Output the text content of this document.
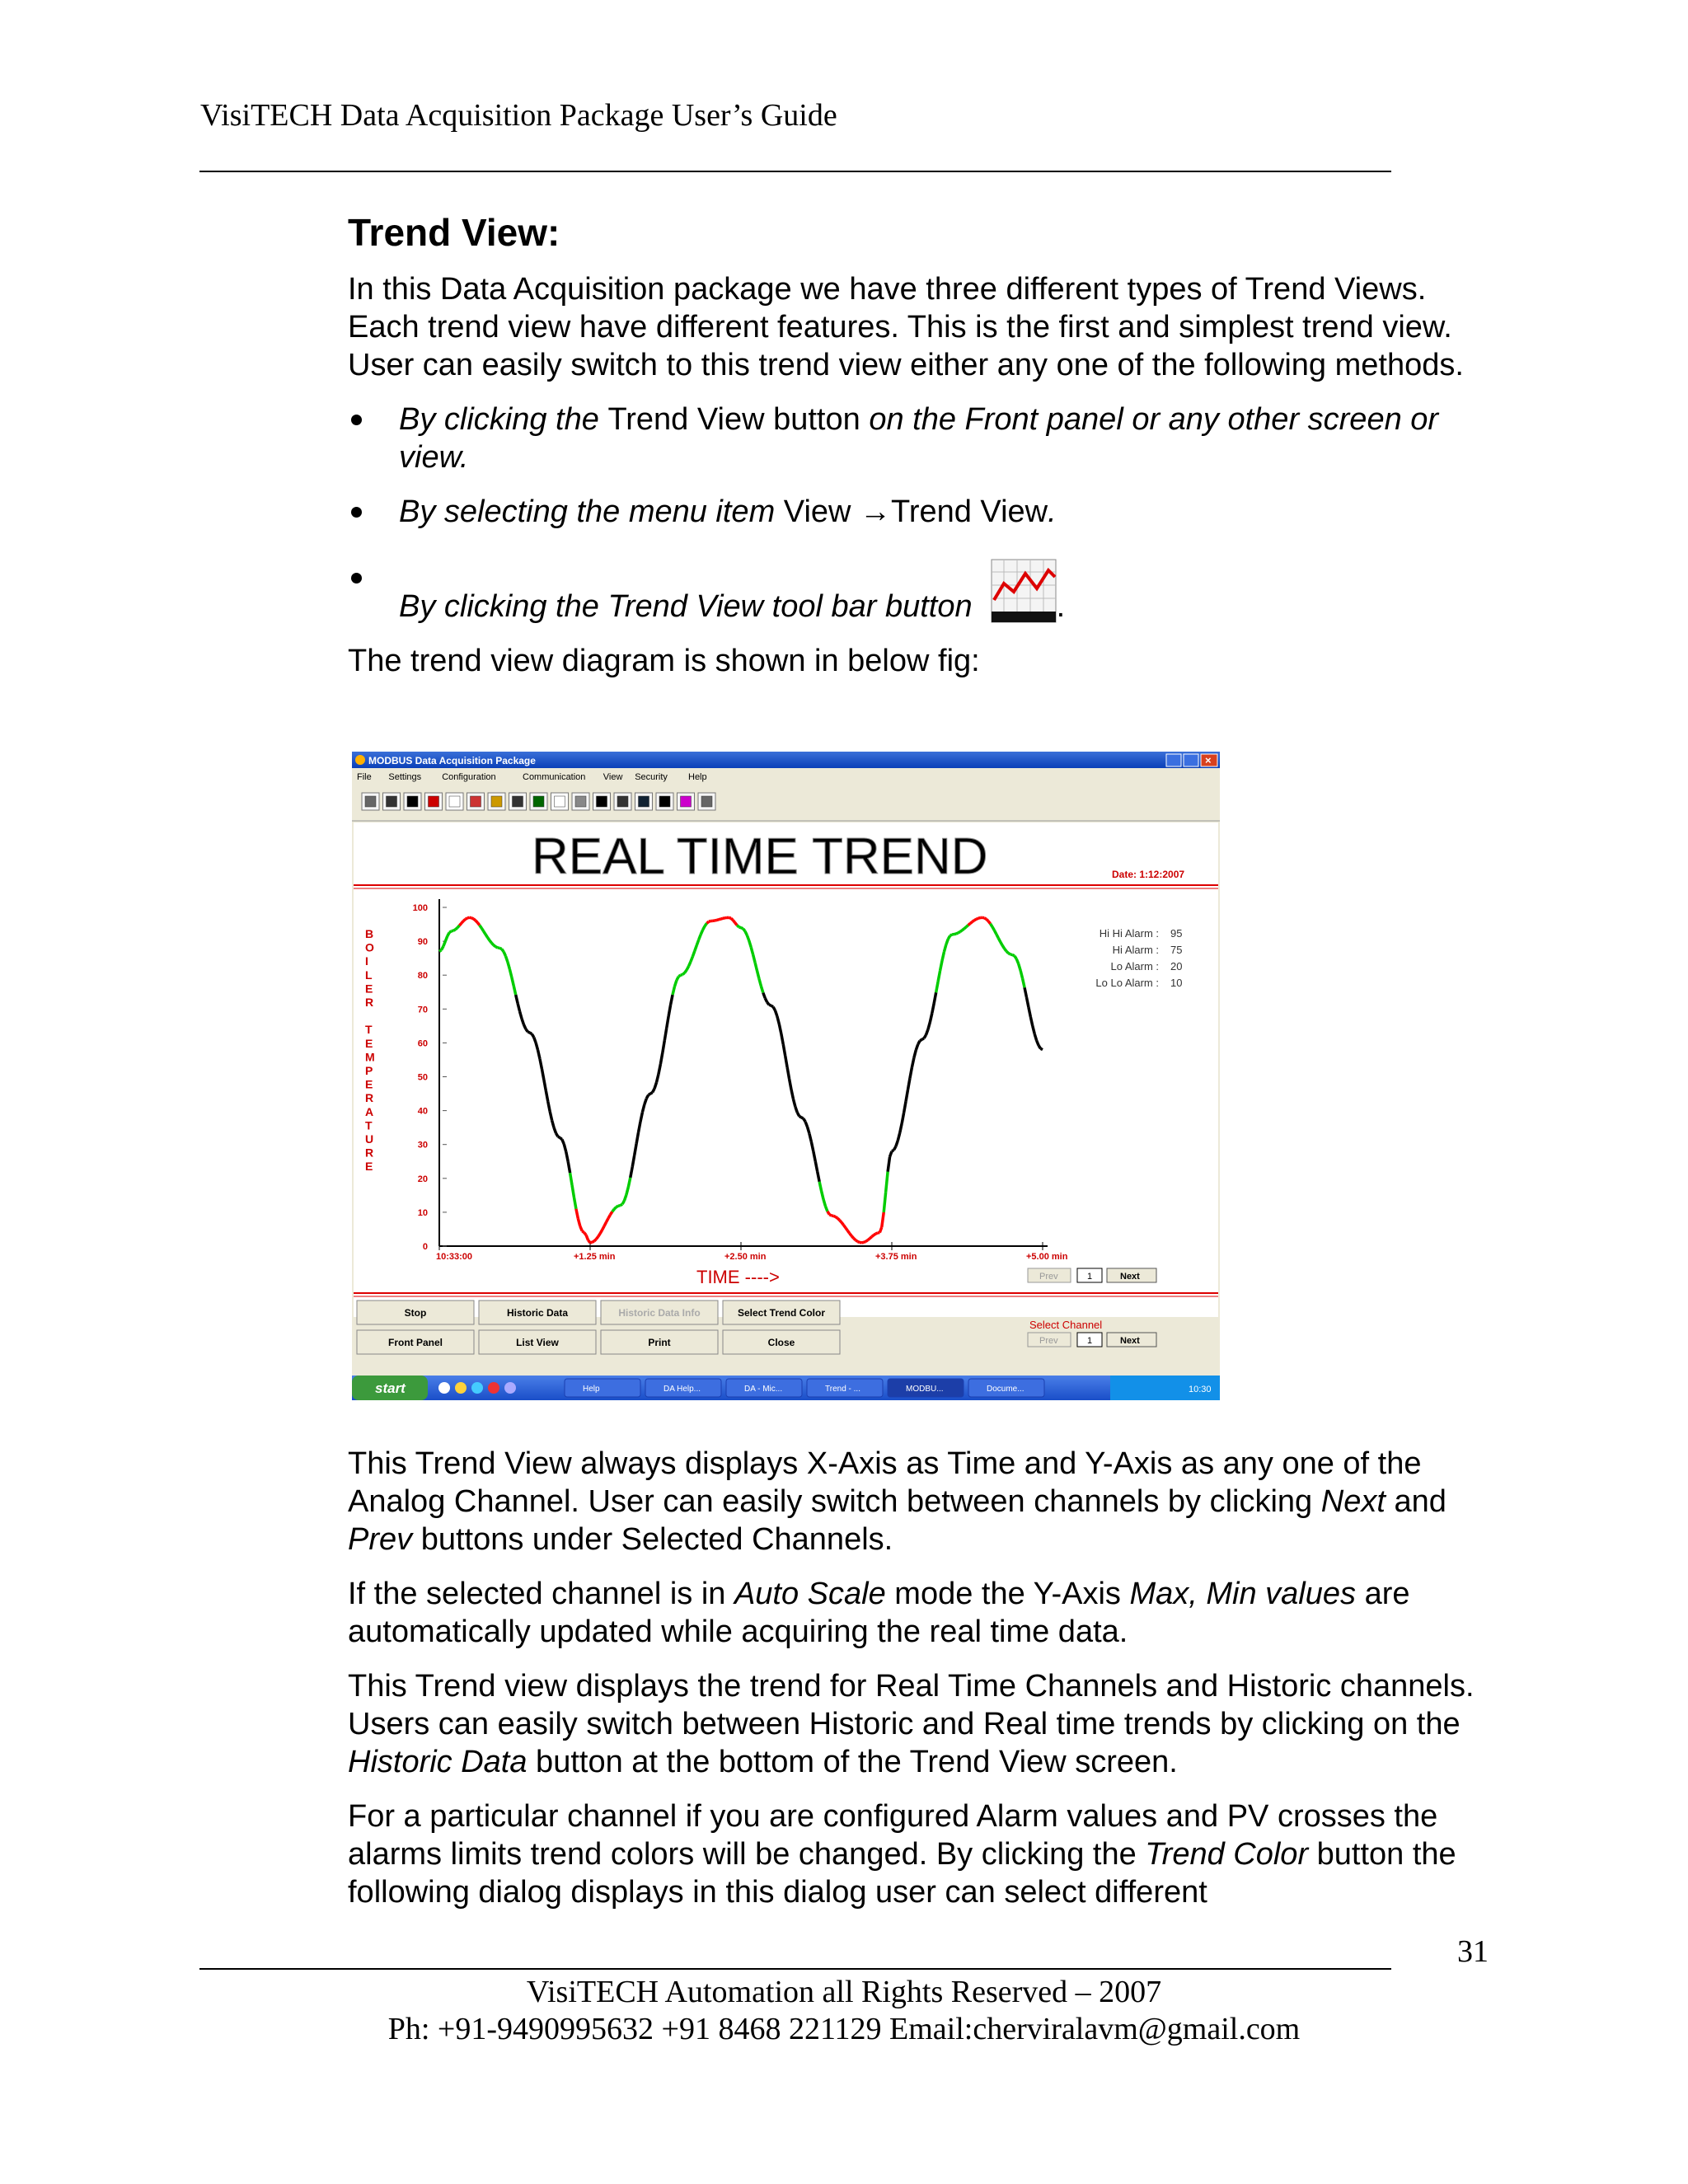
VisiTECH Data Acquisition Package User’s Guide
Trend View:
In this Data Acquisition package we have three different types of Trend Views. Each trend view have different features. This is the first and simplest trend view. User can easily switch to this trend view either any one of the following methods.
By clicking the Trend View button on the Front panel or any other screen or view.
By selecting the menu item View →Trend View.
By clicking the Trend View tool bar button	.
The trend view diagram is shown in below fig:
MODBUS Data Acquisition Package	×
File Settings Configuration	Communication View Security Help
REAL TIME TREND	Date: 1:12:2007
B
O
I
L
E
R
T
E
M
P
E
R
A
T
U
R
E
Hi Hi Alarm : 95
Hi Alarm : 75
Lo Alarm : 20
Lo Lo Alarm : 10
0
10
20
30
40
50
60
70
80
90
100
10:33:00	+1.25 min	+2.50 min	+3.75 min	+5.00 min
TIME ---->	Prev	1	Next
Stop	Historic Data	Historic Data Info	Select Trend Color
Front Panel	List View	Print	Close
Select Channel
Prev	1	Next
start	Help	DA Help...	DA - Mic...	Trend - ...	MODBU...	Docume...	10:30
This Trend View always displays X-Axis as Time and Y-Axis as any one of the Analog Channel. User can easily switch between channels by clicking Next and Prev buttons under Selected Channels.
If the selected channel is in Auto Scale mode the Y-Axis Max, Min values are automatically updated while acquiring the real time data.
This Trend view displays the trend for Real Time Channels and Historic channels. Users can easily switch between Historic and Real time trends by clicking on the Historic Data button at the bottom of the Trend View screen.
For a particular channel if you are configured Alarm values and PV crosses the alarms limits trend colors will be changed. By clicking the Trend Color button the following dialog displays in this dialog user can select different
31
VisiTECH Automation all Rights Reserved – 2007
Ph: +91-9490995632 +91 8468 221129 Email:cherviralavm@gmail.com
